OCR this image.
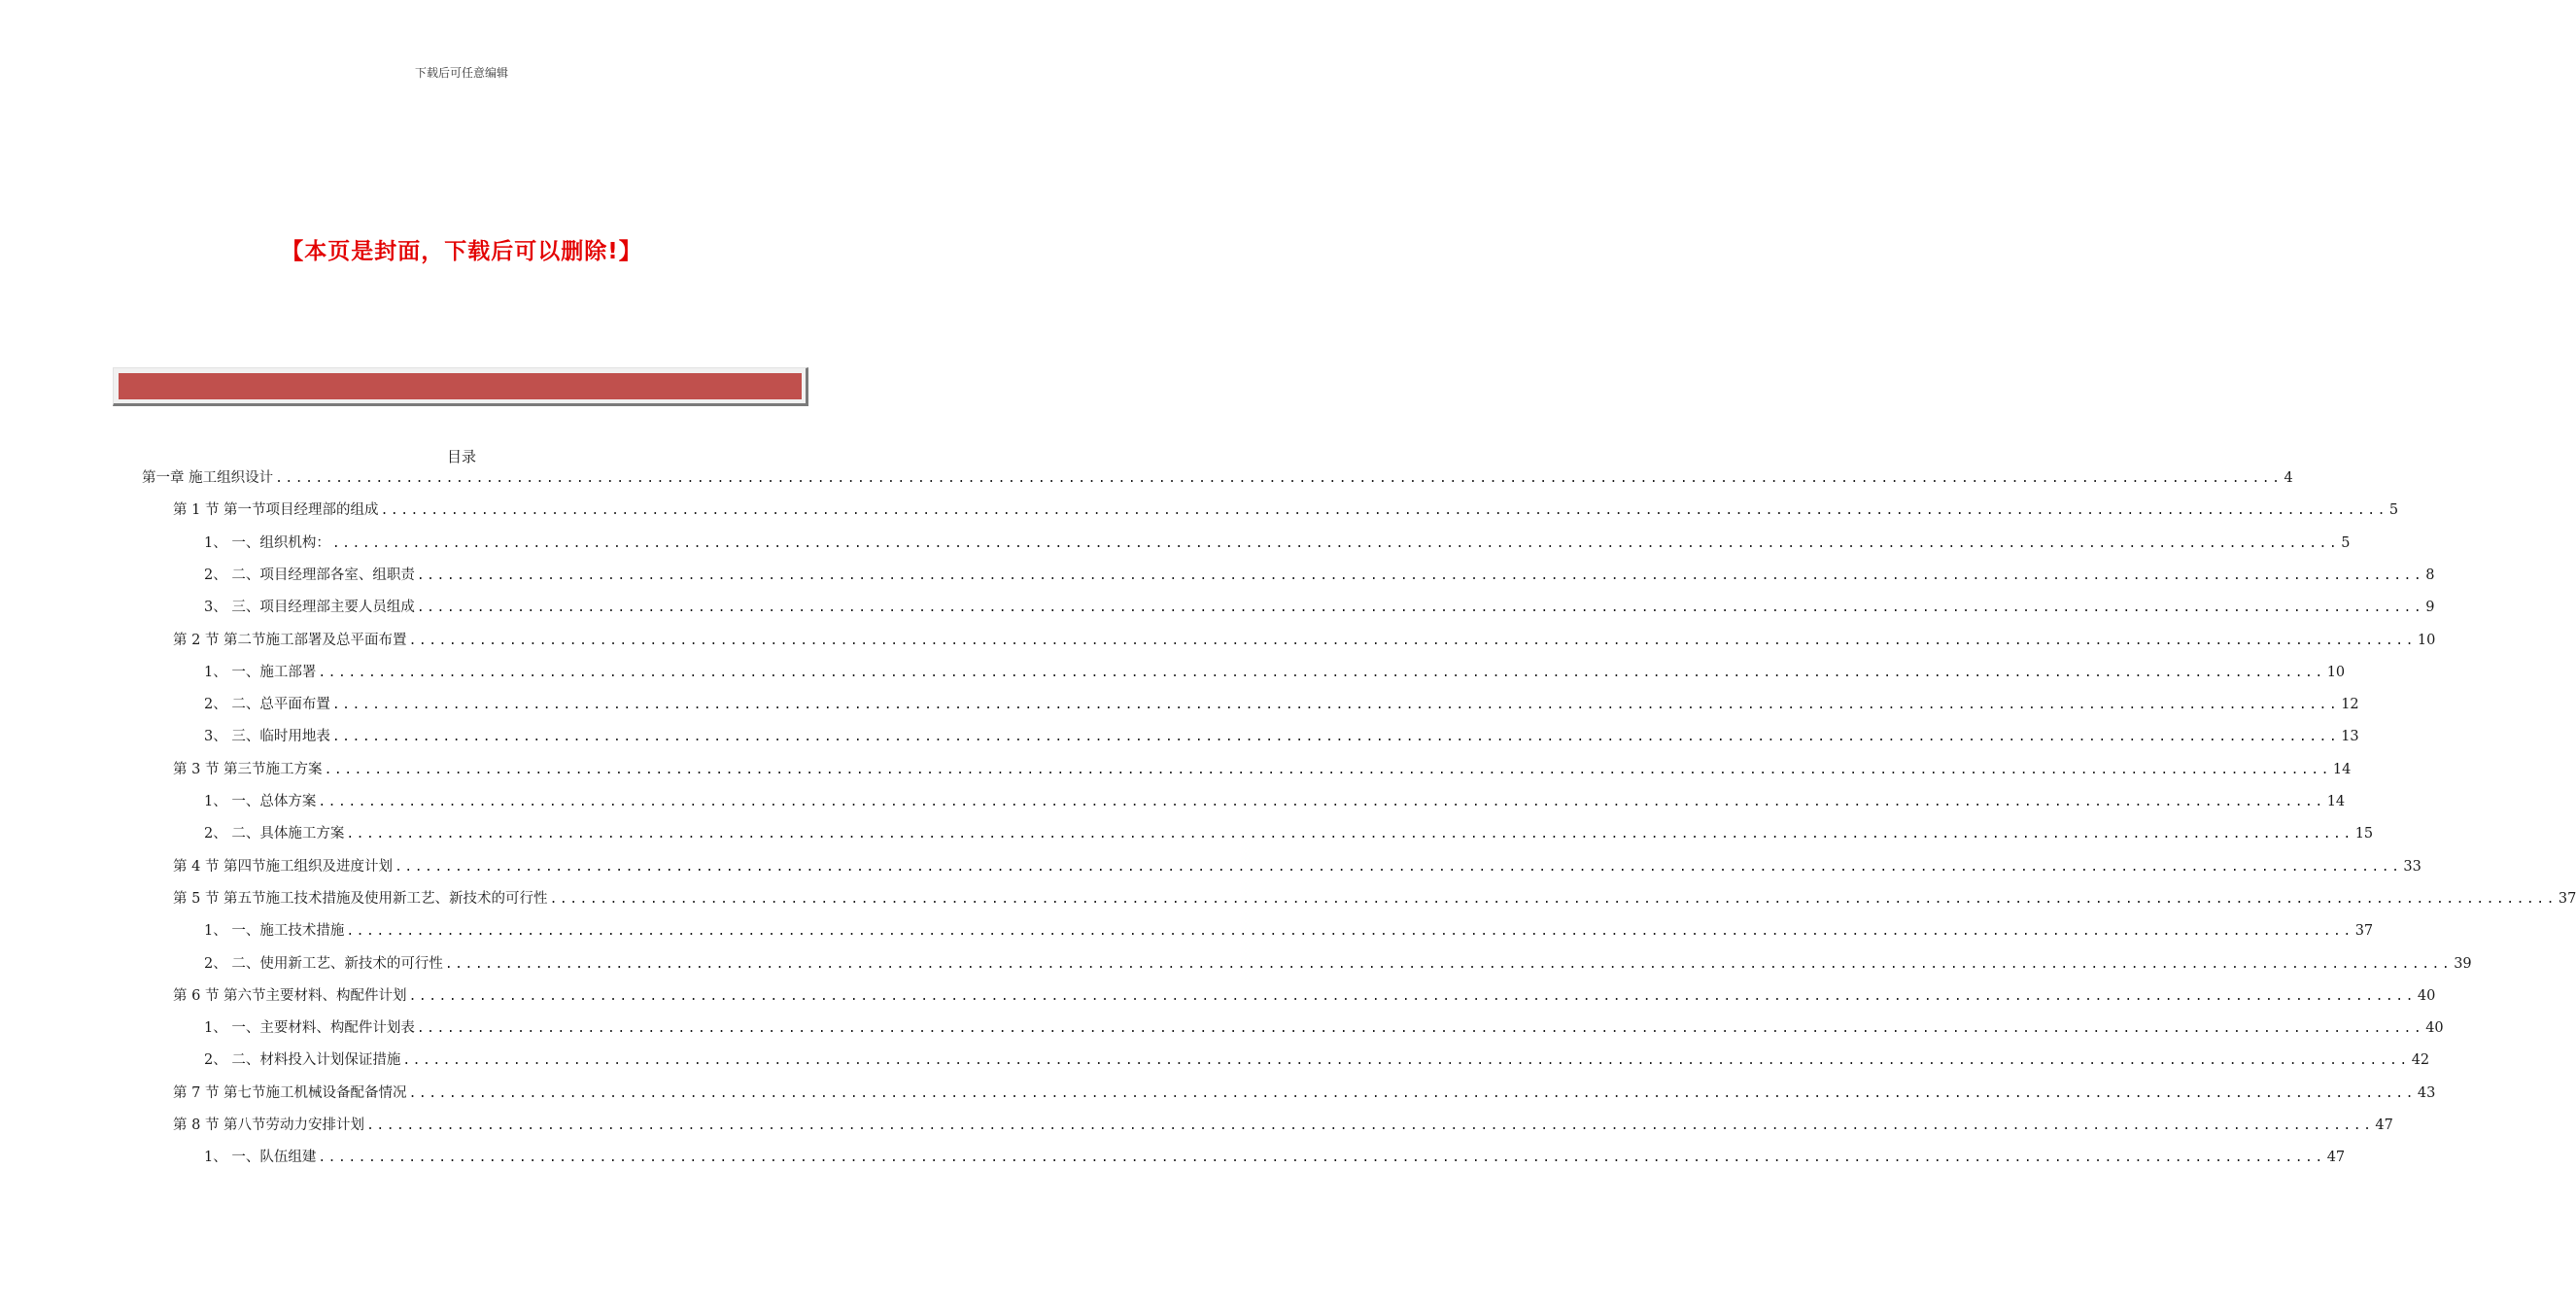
下载后可任意编辑
【本页是封面，下载后可以删除!】
目录
第一章 施工组织设计 ........................................................................................................................................................................................................ 4
第 1 节 第一节项目经理部的组成 ........................................................................................................................................................................................................ 5
1、 一、组织机构： ........................................................................................................................................................................................................ 5
2、 二、项目经理部各室、组职责 ........................................................................................................................................................................................................ 8
3、 三、项目经理部主要人员组成 ........................................................................................................................................................................................................ 9
第 2 节 第二节施工部署及总平面布置 ........................................................................................................................................................................................................ 10
1、 一、施工部署 ........................................................................................................................................................................................................ 10
2、 二、总平面布置 ........................................................................................................................................................................................................ 12
3、 三、临时用地表 ........................................................................................................................................................................................................ 13
第 3 节 第三节施工方案 ........................................................................................................................................................................................................ 14
1、 一、总体方案 ........................................................................................................................................................................................................ 14
2、 二、具体施工方案 ........................................................................................................................................................................................................ 15
第 4 节 第四节施工组织及进度计划 ........................................................................................................................................................................................................ 33
第 5 节 第五节施工技术措施及使用新工艺、新技术的可行性 ........................................................................................................................................................................................................ 37
1、 一、施工技术措施 ........................................................................................................................................................................................................ 37
2、 二、使用新工艺、新技术的可行性 ........................................................................................................................................................................................................ 39
第 6 节 第六节主要材料、构配件计划 ........................................................................................................................................................................................................ 40
1、 一、主要材料、构配件计划表 ........................................................................................................................................................................................................ 40
2、 二、材料投入计划保证措施 ........................................................................................................................................................................................................ 42
第 7 节 第七节施工机械设备配备情况 ........................................................................................................................................................................................................ 43
第 8 节 第八节劳动力安排计划 ........................................................................................................................................................................................................ 47
1、 一、队伍组建 ........................................................................................................................................................................................................ 47
